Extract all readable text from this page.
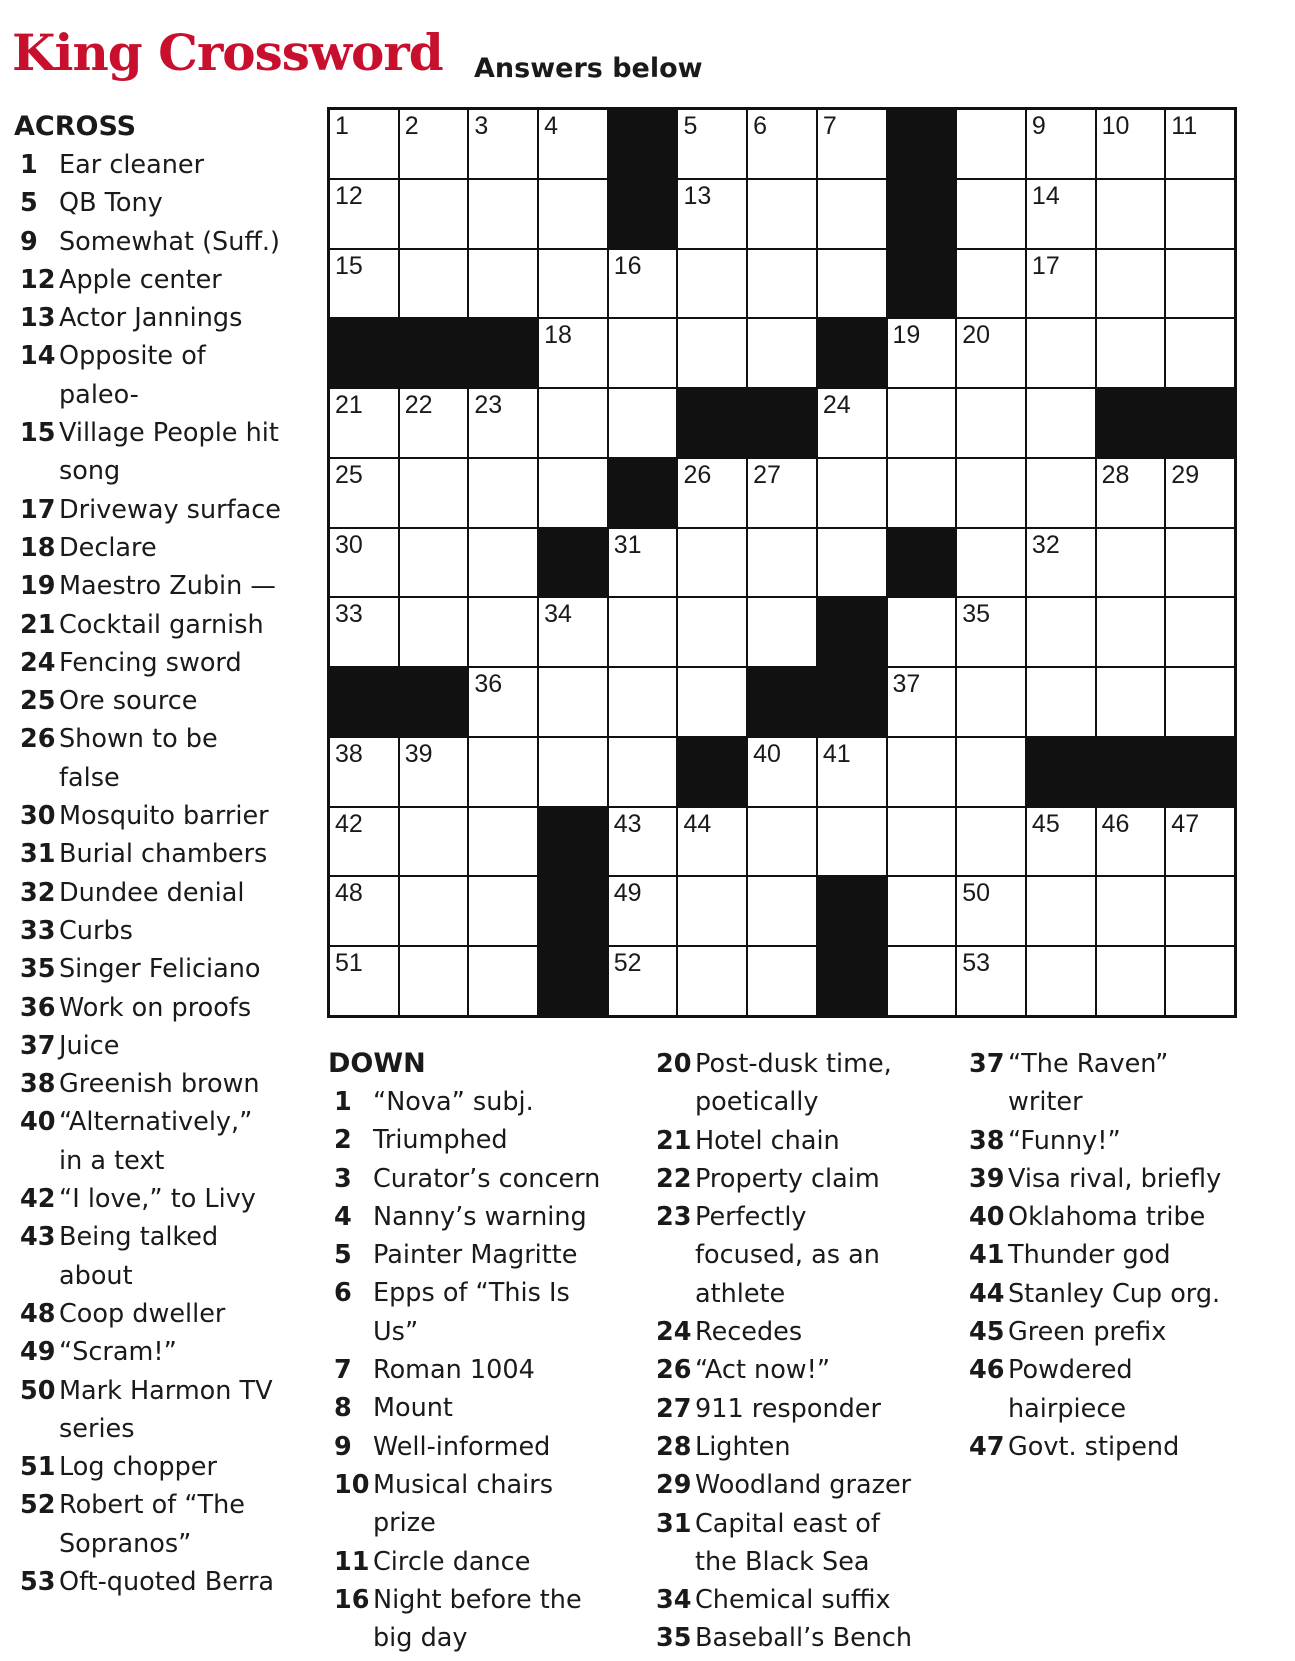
King Crossword Answers below
ACROSS
1 Ear cleaner
5 QB Tony
9 Somewhat (Suff.)
12 Apple center
13 Actor Jannings
14 Opposite of
paleo-
15 Village People hit
song
17 Driveway surface
18 Declare
19 Maestro Zubin —
21 Cocktail garnish
24 Fencing sword
25 Ore source
26 Shown to be
false
30 Mosquito barrier
31 Burial chambers
32 Dundee denial
33 Curbs
35 Singer Feliciano
36 Work on proofs
37 Juice
38 Greenish brown
40 “Alternatively,”
in a text
42 “I love,” to Livy
43 Being talked
about
48 Coop dweller
49 “Scram!”
50 Mark Harmon TV
series
51 Log chopper
52 Robert of “The
Sopranos”
53 Oft-quoted Berra
1 2 3 4	5 6 7	9 10 11
12	13	14
15	16	17
18	19 20
21 22 23	24
25	26 27	28 29
30	31	32
33	34	35
36	37
38 39	40 41
42	43 44	45 46 47
48	49	50
51	52	53
DOWN
1 “Nova” subj.
2 Triumphed
3 Curator’s concern
4 Nanny’s warning
5 Painter Magritte
6 Epps of “This Is
Us”
7 Roman 1004
8 Mount
9 Well-informed
10 Musical chairs
prize
11 Circle dance
16 Night before the
big day
20 Post-dusk time,
poetically
21 Hotel chain
22 Property claim
23 Perfectly
focused, as an
athlete
24 Recedes
26 “Act now!”
27 911 responder
28 Lighten
29 Woodland grazer
31 Capital east of
the Black Sea
34 Chemical suffix
35 Baseball’s Bench
37 “The Raven”
writer
38 “Funny!”
39 Visa rival, briefly
40 Oklahoma tribe
41 Thunder god
44 Stanley Cup org.
45 Green prefix
46 Powdered
hairpiece
47 Govt. stipend
